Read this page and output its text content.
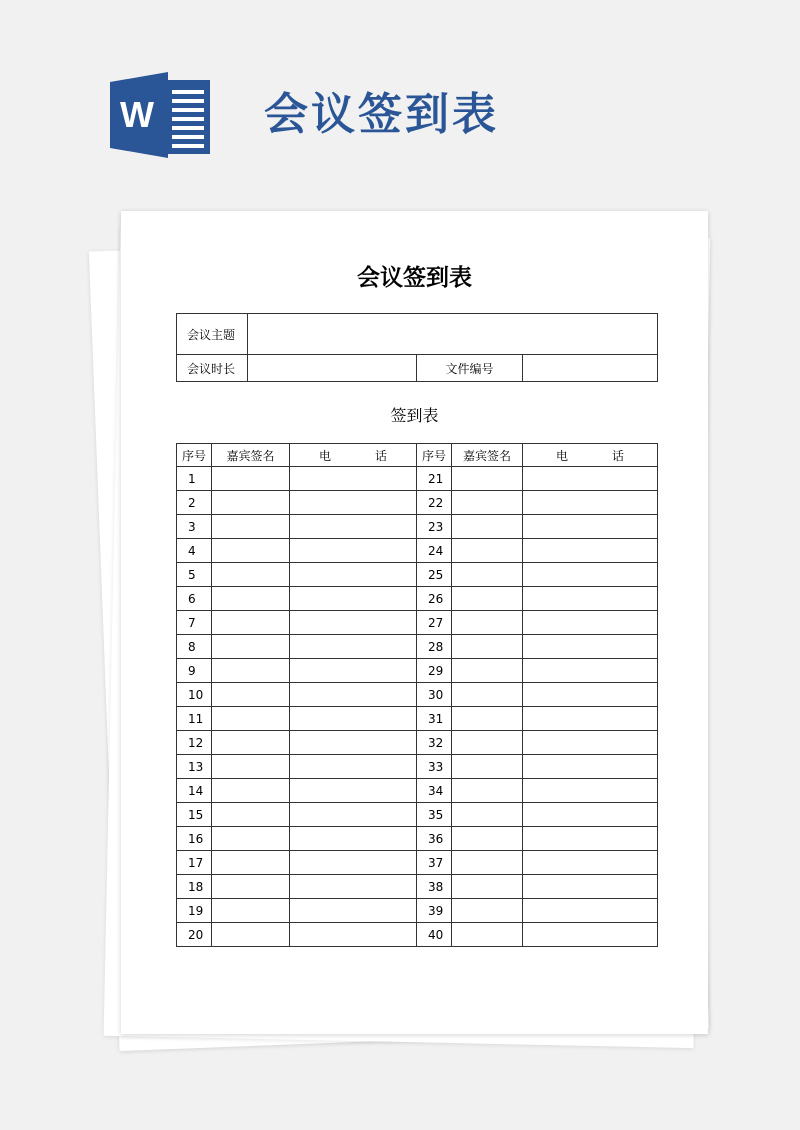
W	会议签到表
会议签到表
会议主题			
会议时长		文件编号	
签到表
序号	嘉宾签名	电 话	序号	嘉宾签名	电 话
1			21		
2			22		
3			23		
4			24		
5			25		
6			26		
7			27		
8			28		
9			29		
10			30		
11			31		
12			32		
13			33		
14			34		
15			35		
16			36		
17			37		
18			38		
19			39		
20			40		
